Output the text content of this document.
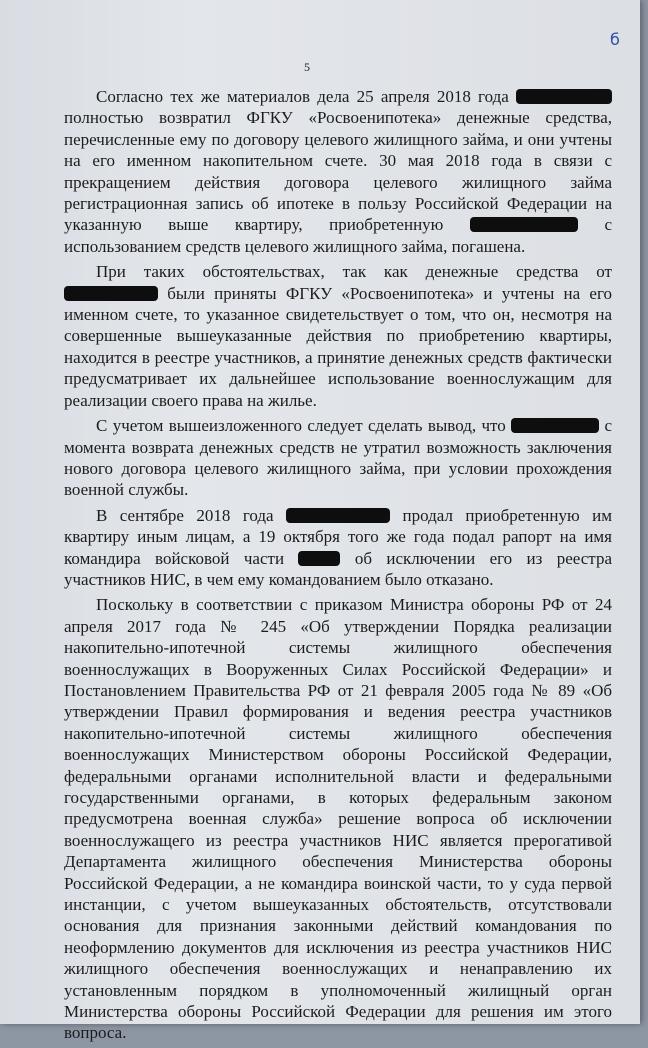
5
б

Согласно тех же материалов дела 25 апреля 2018 года  полностью возвратил ФГКУ «Росвоенипотека» денежные средства, перечисленные ему по договору целевого жилищного займа, и они учтены на его именном накопительном счете. 30 мая 2018 года в связи с прекращением действия договора целевого жилищного займа регистрационная запись об ипотеке в пользу Российской Федерации на указанную выше квартиру, приобретенную	с использованием средств целевого жилищного займа, погашена.

При таких обстоятельствах, так как денежные средства от  были приняты ФГКУ «Росвоенипотека» и учтены на его именном счете, то указанное свидетельствует о том, что он, несмотря на совершенные вышеуказанные действия по приобретению квартиры, находится в реестре участников, а принятие денежных средств фактически предусматривает их дальнейшее использование военнослужащим для реализации своего права на жилье.

С учетом вышеизложенного следует сделать вывод, что	с момента возврата денежных средств не утратил возможность заключения нового договора целевого жилищного займа, при условии прохождения военной службы.

В сентябре 2018 года	продал приобретенную им квартиру иным лицам, а 19 октября того же года подал рапорт на имя командира войсковой части  об исключении его из реестра участников НИС, в чем ему командованием было отказано.

Поскольку в соответствии с приказом Министра обороны РФ от 24 апреля 2017 года № 245 «Об утверждении Порядка реализации накопительно-ипотечной системы жилищного обеспечения военнослужащих в Вооруженных Силах Российской Федерации» и Постановлением Правительства РФ от 21 февраля 2005 года № 89 «Об утверждении Правил формирования и ведения реестра участников накопительно-ипотечной системы жилищного обеспечения военнослужащих Министерством обороны Российской Федерации, федеральными органами исполнительной власти и федеральными государственными органами, в которых федеральным законом предусмотрена военная служба» решение вопроса об исключении военнослужащего из реестра участников НИС является прерогативой Департамента жилищного обеспечения Министерства обороны Российской Федерации, а не командира воинской части, то у суда первой инстанции, с учетом вышеуказанных обстоятельств, отсутствовали основания для признания законными действий командования по неоформлению документов для исключения из реестра участников НИС жилищного обеспечения военнослужащих и ненаправлению их установленным порядком в уполномоченный жилищный орган Министерства обороны Российской Федерации для решения им этого вопроса.
